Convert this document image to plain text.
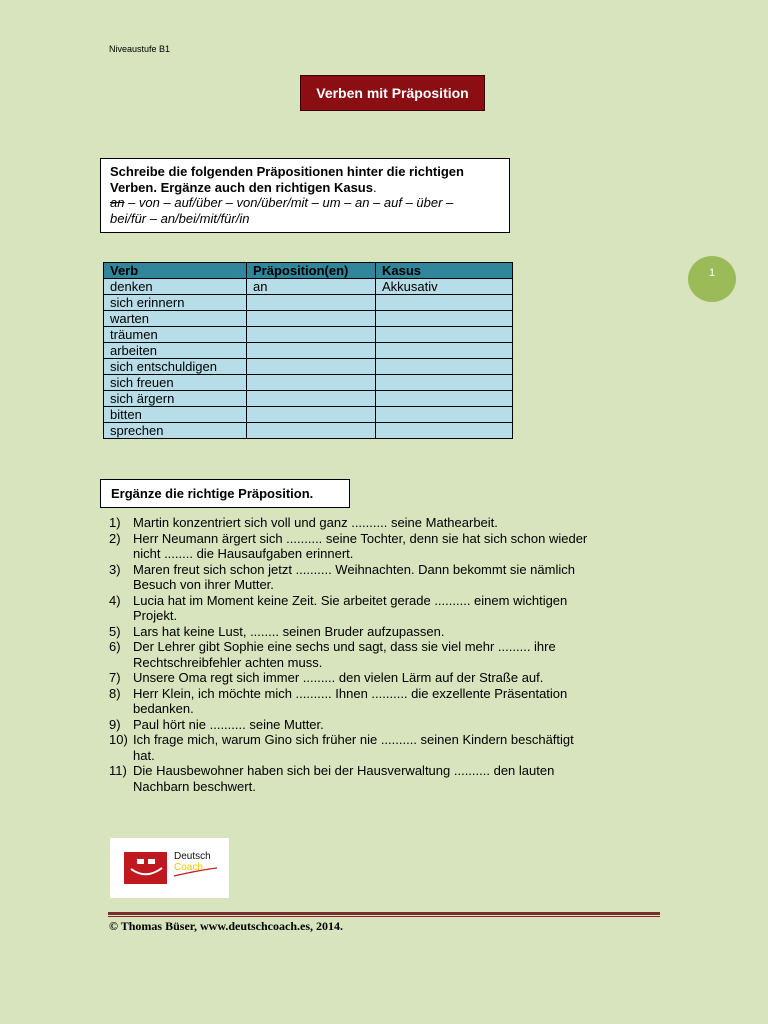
Niveaustufe B1
Verben mit Präposition
Schreibe die folgenden Präpositionen hinter die richtigen
Verben. Ergänze auch den richtigen Kasus.
an – von – auf/über – von/über/mit – um – an – auf – über –
bei/für – an/bei/mit/für/in
Verb	Präposition(en)	Kasus
denken	an	Akkusativ
sich erinnern		
warten		
träumen		
arbeiten		
sich entschuldigen		
sich freuen		
sich ärgern		
bitten		
sprechen		
1
Ergänze die richtige Präposition.
1) Martin konzentriert sich voll und ganz .......... seine Mathearbeit.
2) Herr Neumann ärgert sich .......... seine Tochter, denn sie hat sich schon wieder
nicht ........ die Hausaufgaben erinnert.
3) Maren freut sich schon jetzt .......... Weihnachten. Dann bekommt sie nämlich
Besuch von ihrer Mutter.
4) Lucia hat im Moment keine Zeit. Sie arbeitet gerade .......... einem wichtigen
Projekt.
5) Lars hat keine Lust, ........ seinen Bruder aufzupassen.
6) Der Lehrer gibt Sophie eine sechs und sagt, dass sie viel mehr ......... ihre
Rechtschreibfehler achten muss.
7) Unsere Oma regt sich immer ......... den vielen Lärm auf der Straße auf.
8) Herr Klein, ich möchte mich .......... Ihnen .......... die exzellente Präsentation
bedanken.
9) Paul hört nie .......... seine Mutter.
10) Ich frage mich, warum Gino sich früher nie .......... seinen Kindern beschäftigt
hat.
11) Die Hausbewohner haben sich bei der Hausverwaltung .......... den lauten
Nachbarn beschwert.
Deutsch
Coach
© Thomas Büser, www.deutschcoach.es, 2014.
